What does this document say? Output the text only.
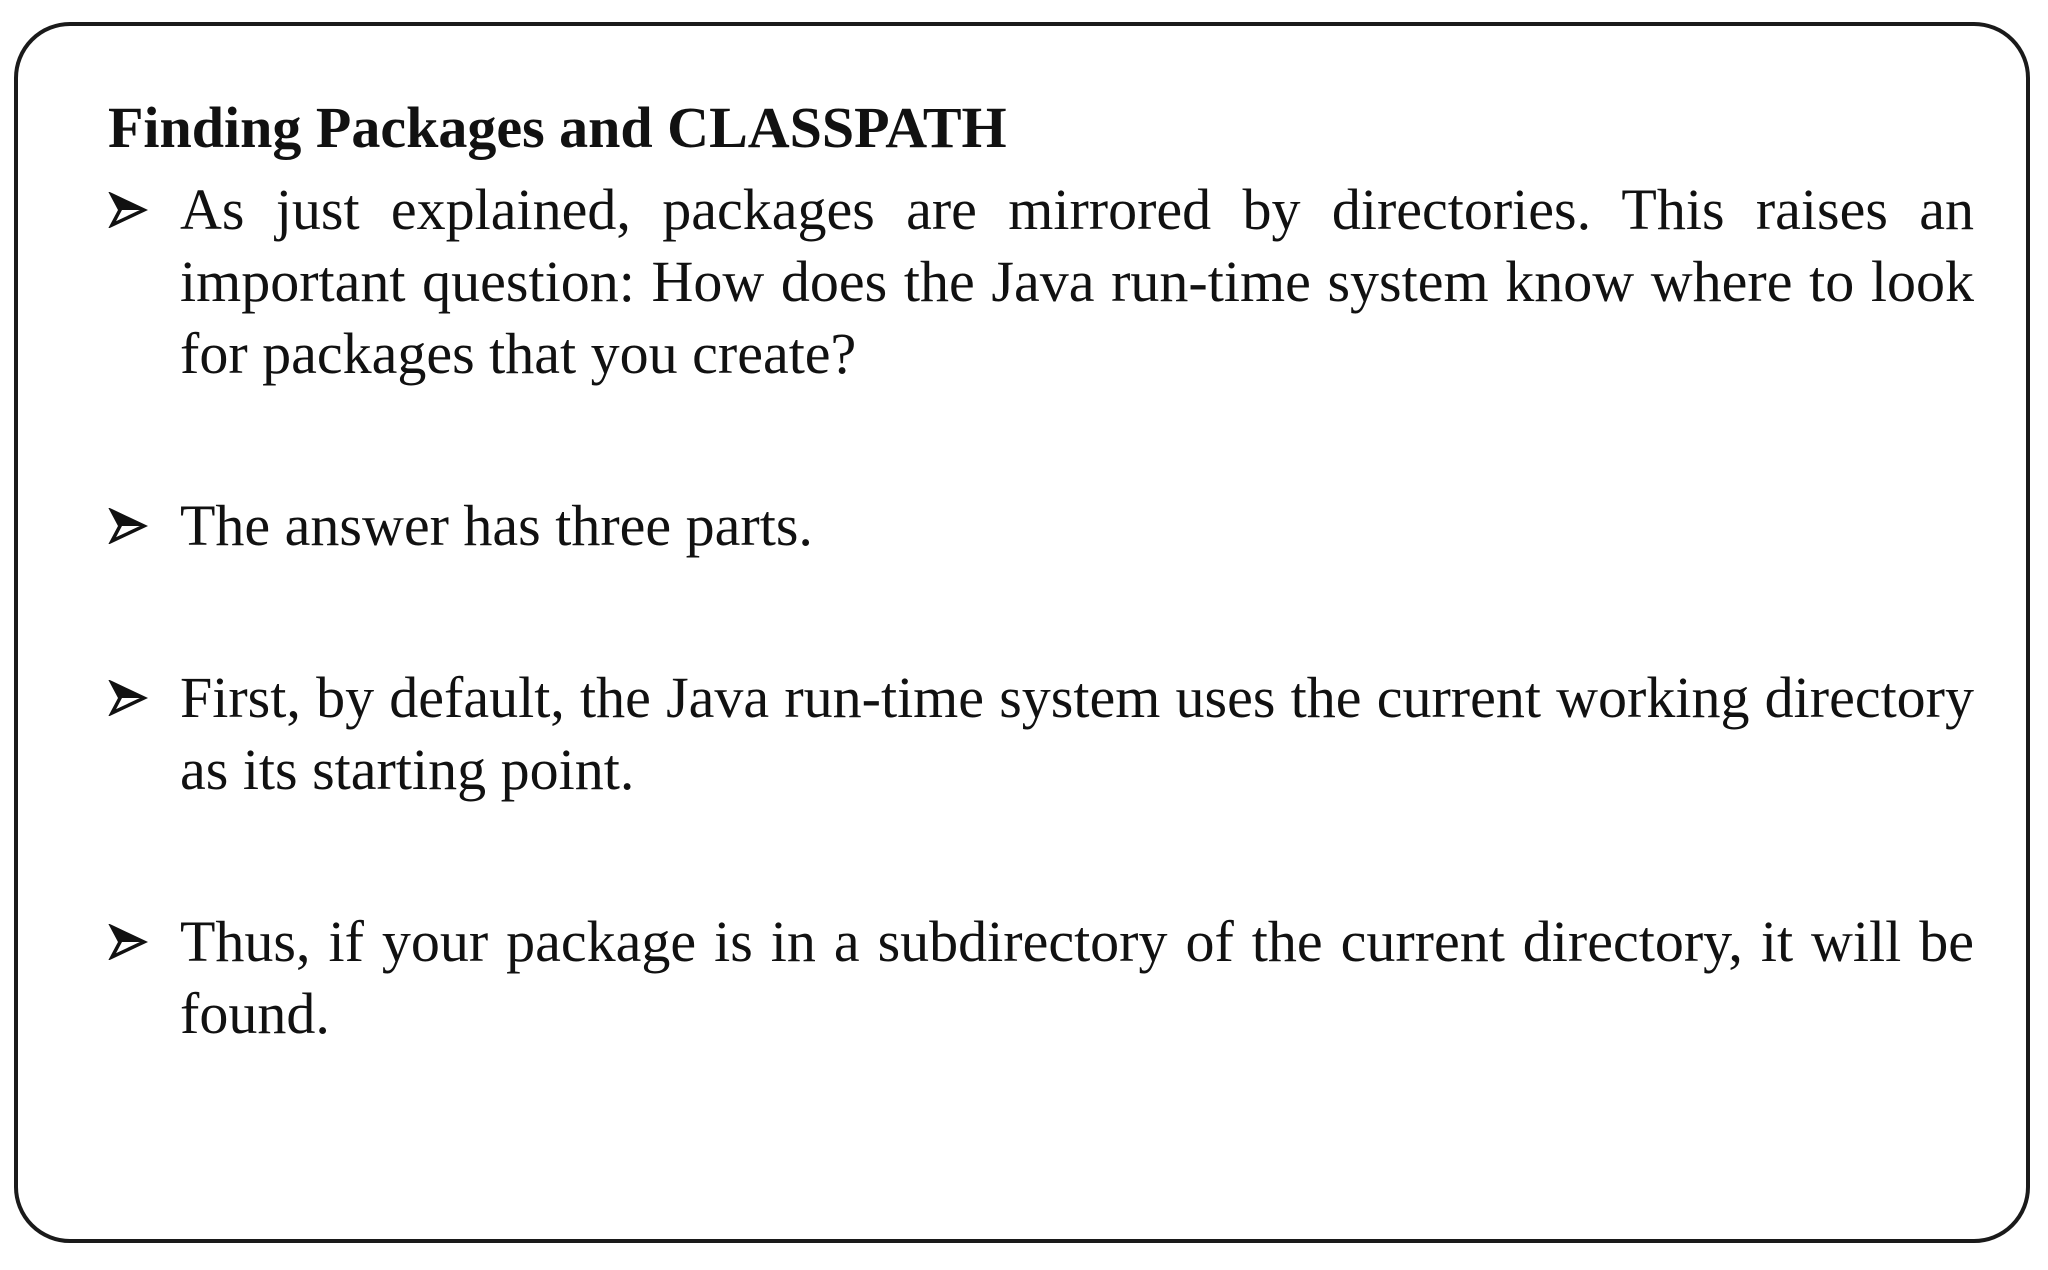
Finding Packages and CLASSPATH
As just explained, packages are mirrored by directories. This raises an important question: How does the Java run-time system know where to look for packages that you create?
The answer has three parts.
First, by default, the Java run-time system uses the current working directory as its starting point.
Thus, if your package is in a subdirectory of the current directory, it will be found.
